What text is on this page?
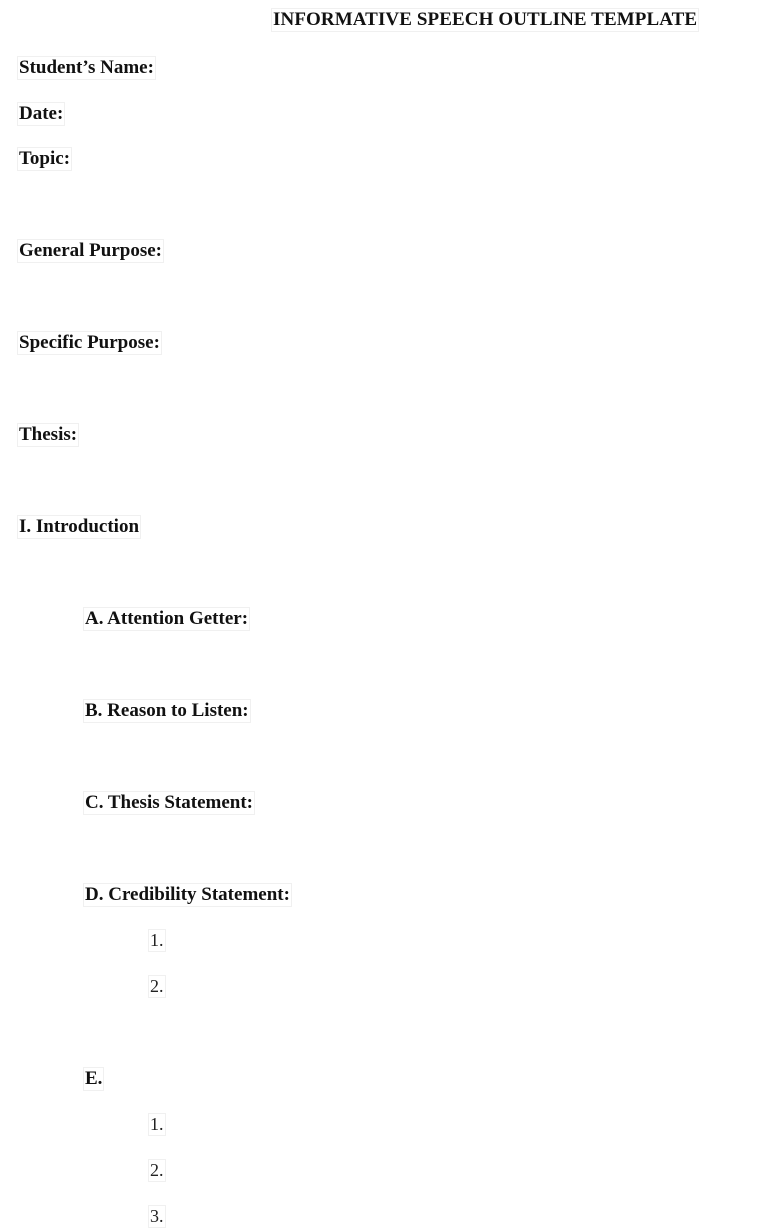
INFORMATIVE SPEECH OUTLINE TEMPLATE
Student’s Name:
Date:
Topic:
General Purpose:
Specific Purpose:
Thesis:
I. Introduction
A. Attention Getter:
B. Reason to Listen:
C. Thesis Statement:
D. Credibility Statement:
1.
2.
E.
1.
2.
3.
